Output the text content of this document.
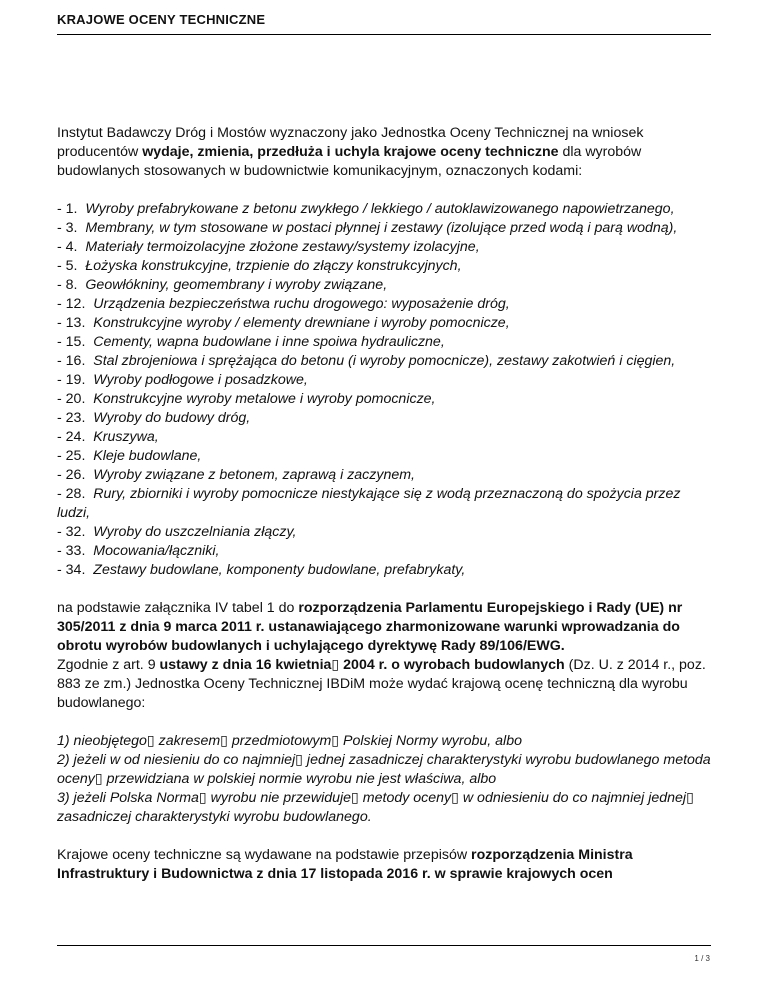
KRAJOWE OCENY TECHNICZNE

Instytut Badawczy Dróg i Mostów wyznaczony jako Jednostka Oceny Technicznej na wniosek producentów wydaje, zmienia, przedłuża i uchyla krajowe oceny techniczne dla wyrobów budowlanych stosowanych w budownictwie komunikacyjnym, oznaczonych kodami:

- 1. Wyroby prefabrykowane z betonu zwykłego / lekkiego / autoklawizowanego napowietrzanego,
- 3. Membrany, w tym stosowane w postaci płynnej i zestawy (izolujące przed wodą i parą wodną),
- 4. Materiały termoizolacyjne złożone zestawy/systemy izolacyjne,
- 5. Łożyska konstrukcyjne, trzpienie do złączy konstrukcyjnych,
- 8. Geowłókniny, geomembrany i wyroby związane,
- 12. Urządzenia bezpieczeństwa ruchu drogowego: wyposażenie dróg,
- 13. Konstrukcyjne wyroby / elementy drewniane i wyroby pomocnicze,
- 15. Cementy, wapna budowlane i inne spoiwa hydrauliczne,
- 16. Stal zbrojeniowa i sprężająca do betonu (i wyroby pomocnicze), zestawy zakotwień i cięgien,
- 19. Wyroby podłogowe i posadzkowe,
- 20. Konstrukcyjne wyroby metalowe i wyroby pomocnicze,
- 23. Wyroby do budowy dróg,
- 24. Kruszywa,
- 25. Kleje budowlane,
- 26. Wyroby związane z betonem, zaprawą i zaczynem,
- 28. Rury, zbiorniki i wyroby pomocnicze niestykające się z wodą przeznaczoną do spożycia przez ludzi,
- 32. Wyroby do uszczelniania złączy,
- 33. Mocowania/łączniki,
- 34. Zestawy budowlane, komponenty budowlane, prefabrykaty,

na podstawie załącznika IV tabel 1 do rozporządzenia Parlamentu Europejskiego i Rady (UE) nr 305/2011 z dnia 9 marca 2011 r. ustanawiającego zharmonizowane warunki wprowadzania do obrotu wyrobów budowlanych i uchylającego dyrektywę Rady 89/106/EWG.

Zgodnie z art. 9 ustawy z dnia 16 kwietnia▯ 2004 r. o wyrobach budowlanych (Dz. U. z 2014 r., poz. 883 ze zm.) Jednostka Oceny Technicznej IBDiM może wydać krajową ocenę techniczną dla wyrobu budowlanego:

1) nieobjętego▯ zakresem▯ przedmiotowym▯ Polskiej Normy wyrobu, albo

2) jeżeli w od niesieniu do co najmniej▯ jednej zasadniczej charakterystyki wyrobu budowlanego metoda oceny▯ przewidziana w polskiej normie wyrobu nie jest właściwa, albo

3) jeżeli Polska Norma▯ wyrobu nie przewiduje▯ metody oceny▯ w odniesieniu do co najmniej jednej▯ zasadniczej charakterystyki wyrobu budowlanego.

Krajowe oceny techniczne są wydawane na podstawie przepisów rozporządzenia Ministra Infrastruktury i Budownictwa z dnia 17 listopada 2016 r. w sprawie krajowych ocen

1 / 3
